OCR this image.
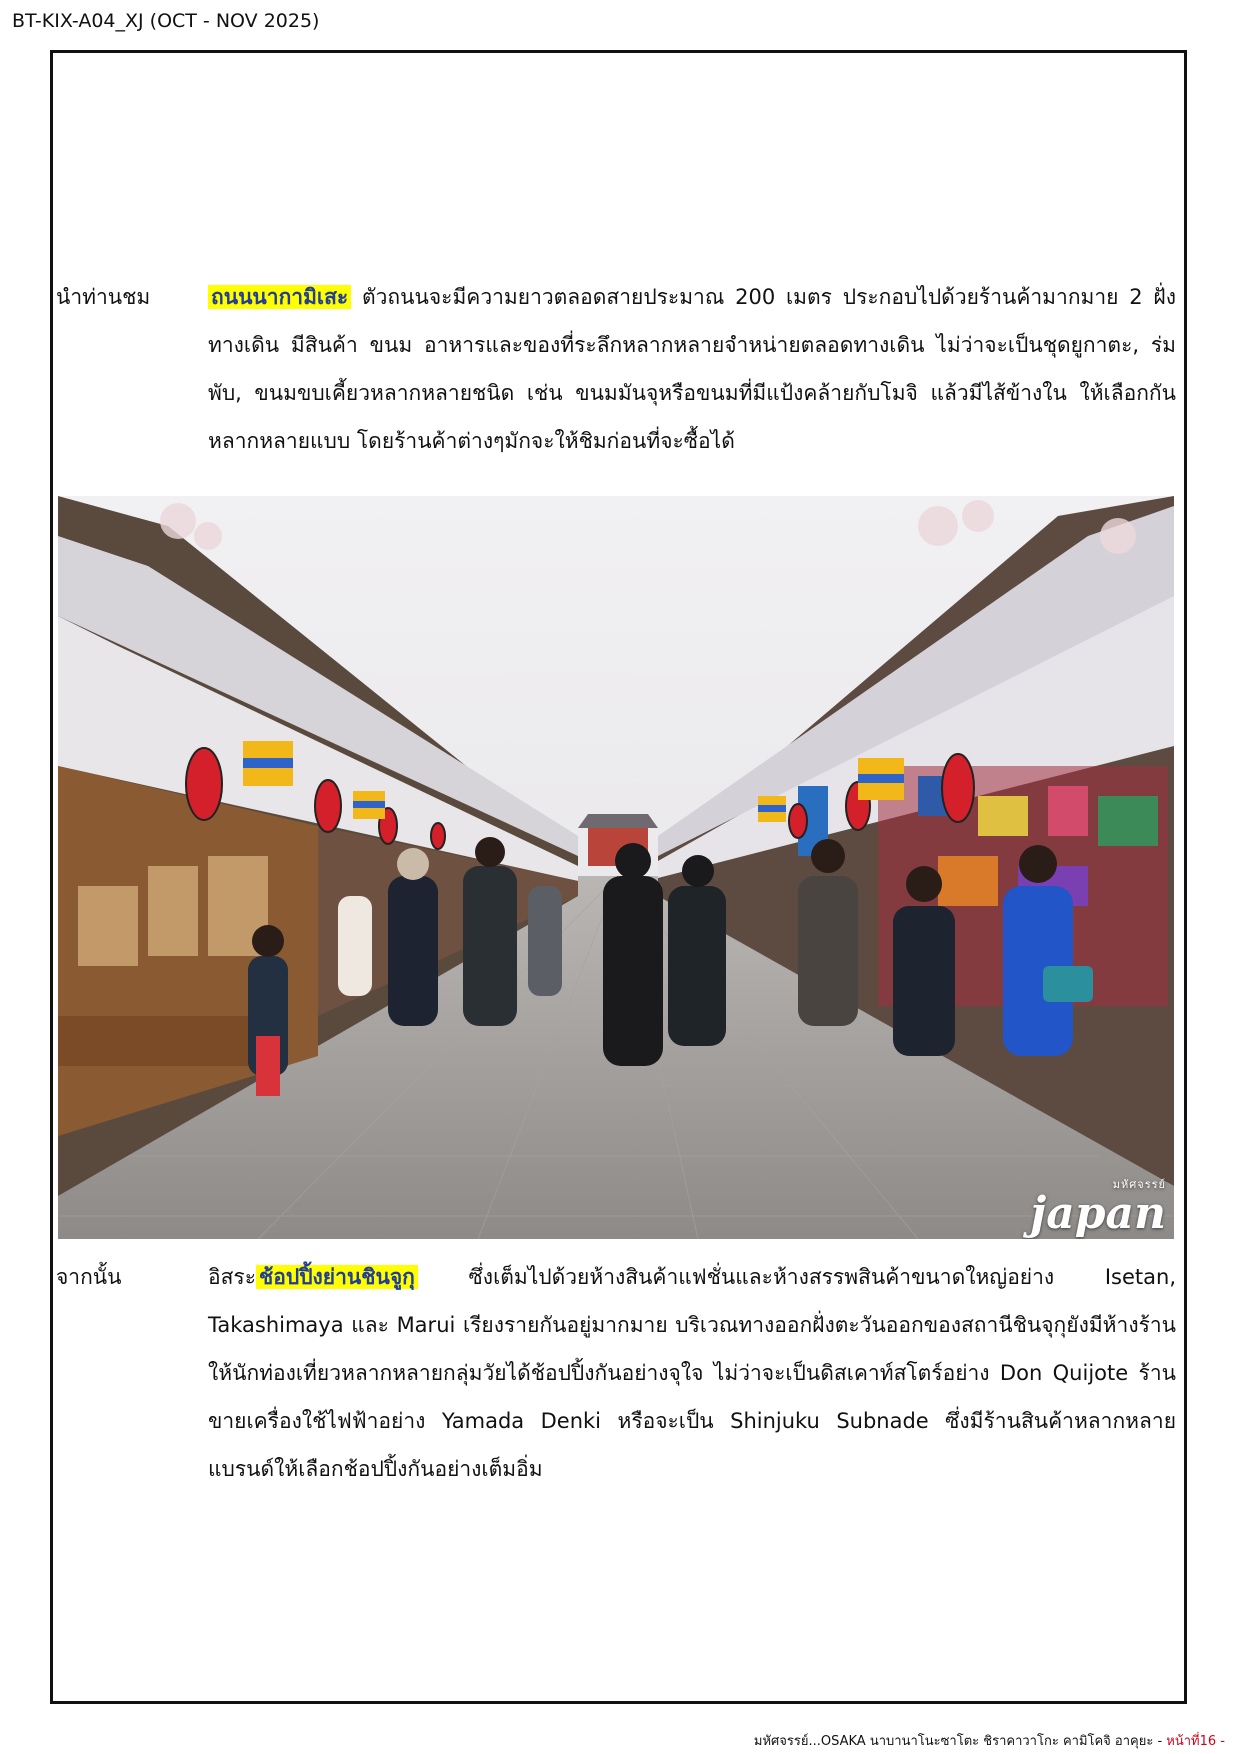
BT-KIX-A04_XJ (OCT - NOV 2025)
นำท่านชม	ถนนนากามิเสะ ตัวถนนจะมีความยาวตลอดสายประมาณ 200 เมตร ประกอบไปด้วยร้านค้ามากมาย 2 ฝั่งทางเดิน มีสินค้า ขนม อาหารและของที่ระลึกหลากหลายจำหน่ายตลอดทางเดิน ไม่ว่าจะเป็นชุดยูกาตะ, ร่มพับ, ขนมขบเคี้ยวหลากหลายชนิด เช่น ขนมมันจุหรือขนมที่มีแป้งคล้ายกับโมจิ แล้วมีไส้ข้างใน ให้เลือกกันหลากหลายแบบ โดยร้านค้าต่างๆมักจะให้ชิมก่อนที่จะซื้อได้

มหัศจรรย์
japan
จากนั้น	อิสระ ช้อปปิ้งย่านชินจูกุ ซึ่งเต็มไปด้วยห้างสินค้าแฟชั่นและห้างสรรพสินค้าขนาดใหญ่อย่าง Isetan, Takashimaya และ Marui เรียงรายกันอยู่มากมาย บริเวณทางออกฝั่งตะวันออกของสถานีชินจุกุยังมีห้างร้านให้นักท่องเที่ยวหลากหลายกลุ่มวัยได้ช้อปปิ้งกันอย่างจุใจ ไม่ว่าจะเป็นดิสเคาท์สโตร์อย่าง Don Quijote ร้านขายเครื่องใช้ไฟฟ้าอย่าง Yamada Denki หรือจะเป็น Shinjuku Subnade ซึ่งมีร้านสินค้าหลากหลายแบรนด์ให้เลือกช้อปปิ้งกันอย่างเต็มอิ่ม

มหัศจรรย์...OSAKA นาบานาโนะซาโตะ ชิราคาวาโกะ คามิโคจิ อาคุยะ - หน้าที่16 -
